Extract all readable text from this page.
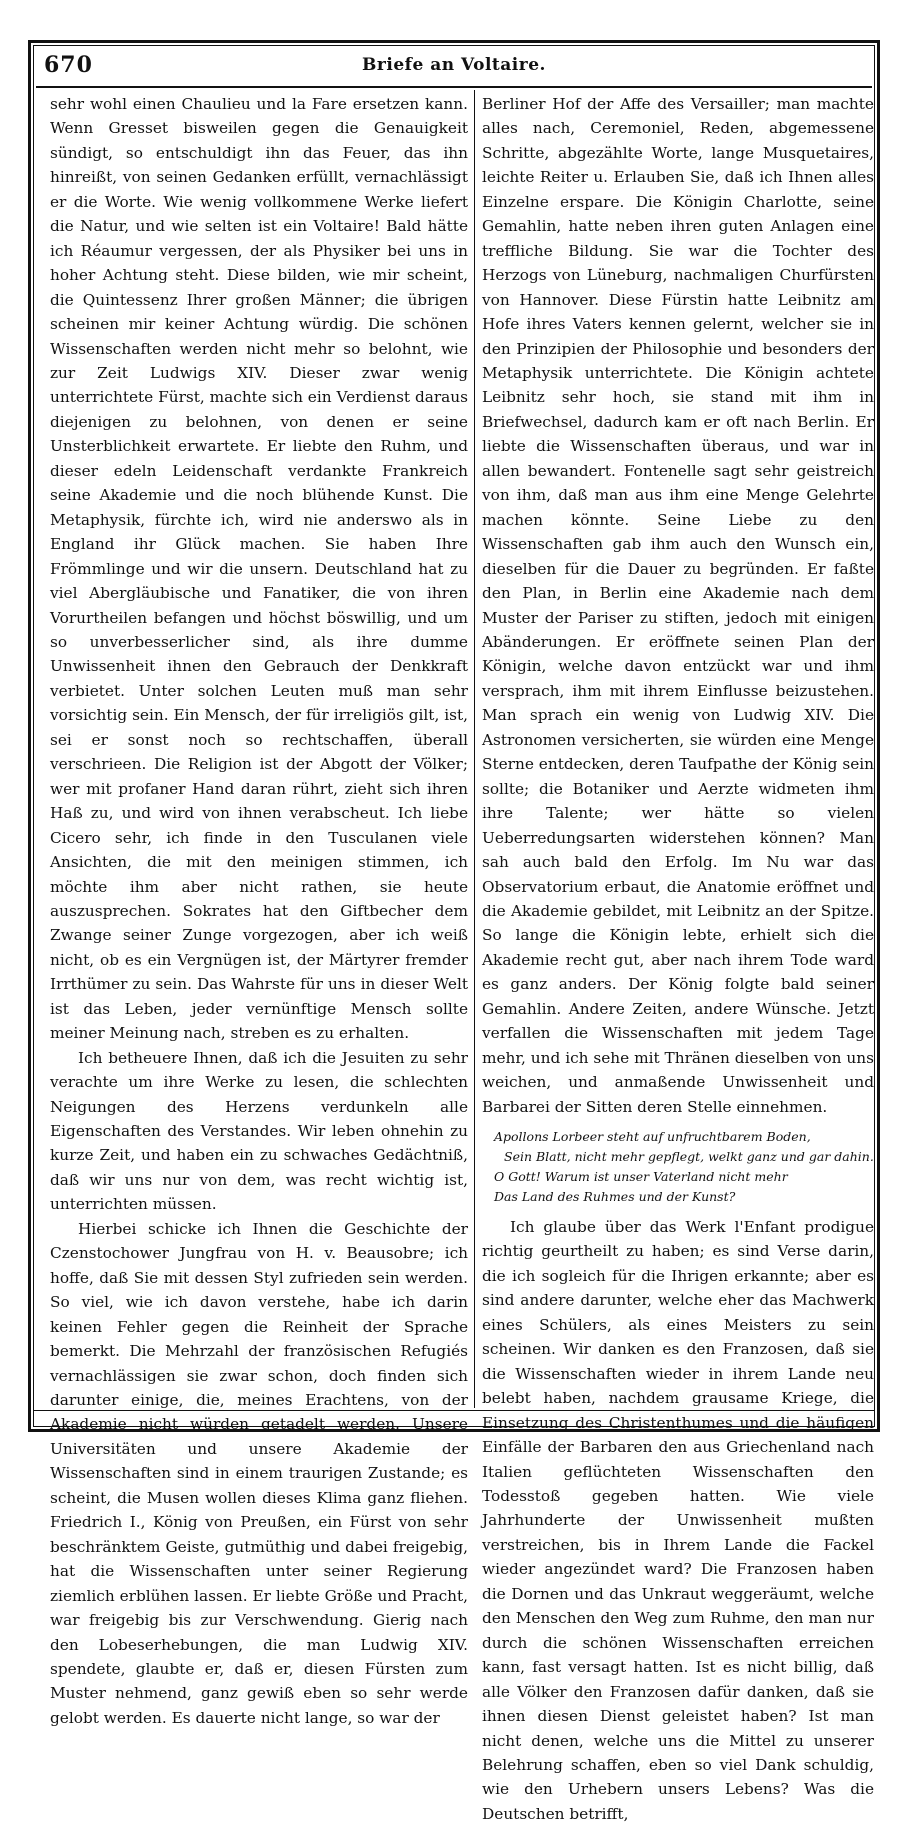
670	Briefe an Voltaire.

sehr wohl einen Chaulieu und la Fare ersetzen kann. Wenn Gresset bisweilen gegen die Genauigkeit sündigt, so entschuldigt ihn das Feuer, das ihn hinreißt, von seinen Gedanken erfüllt, vernachlässigt er die Worte. Wie wenig vollkommene Werke liefert die Natur, und wie selten ist ein Voltaire! Bald hätte ich Réaumur vergessen, der als Physiker bei uns in hoher Achtung steht. Diese bilden, wie mir scheint, die Quintessenz Ihrer großen Männer; die übrigen scheinen mir keiner Achtung würdig. Die schönen Wissenschaften werden nicht mehr so belohnt, wie zur Zeit Ludwigs XIV. Dieser zwar wenig unterrichtete Fürst, machte sich ein Verdienst daraus diejenigen zu belohnen, von denen er seine Unsterblichkeit erwartete. Er liebte den Ruhm, und dieser edeln Leidenschaft verdankte Frankreich seine Akademie und die noch blühende Kunst. Die Metaphysik, fürchte ich, wird nie anderswo als in England ihr Glück machen. Sie haben Ihre Frömmlinge und wir die unsern. Deutschland hat zu viel Abergläubische und Fanatiker, die von ihren Vorurtheilen befangen und höchst böswillig, und um so unverbesserlicher sind, als ihre dumme Unwissenheit ihnen den Gebrauch der Denkkraft verbietet. Unter solchen Leuten muß man sehr vorsichtig sein. Ein Mensch, der für irreligiös gilt, ist, sei er sonst noch so rechtschaffen, überall verschrieen. Die Religion ist der Abgott der Völker; wer mit profaner Hand daran rührt, zieht sich ihren Haß zu, und wird von ihnen verabscheut. Ich liebe Cicero sehr, ich finde in den Tusculanen viele Ansichten, die mit den meinigen stimmen, ich möchte ihm aber nicht rathen, sie heute auszusprechen. Sokrates hat den Giftbecher dem Zwange seiner Zunge vorgezogen, aber ich weiß nicht, ob es ein Vergnügen ist, der Märtyrer fremder Irrthümer zu sein. Das Wahrste für uns in dieser Welt ist das Leben, jeder vernünftige Mensch sollte meiner Meinung nach, streben es zu erhalten.

Ich betheuere Ihnen, daß ich die Jesuiten zu sehr verachte um ihre Werke zu lesen, die schlechten Neigungen des Herzens verdunkeln alle Eigenschaften des Verstandes. Wir leben ohnehin zu kurze Zeit, und haben ein zu schwaches Gedächtniß, daß wir uns nur von dem, was recht wichtig ist, unterrichten müssen.

Hierbei schicke ich Ihnen die Geschichte der Czenstochower Jungfrau von H. v. Beausobre; ich hoffe, daß Sie mit dessen Styl zufrieden sein werden. So viel, wie ich davon verstehe, habe ich darin keinen Fehler gegen die Reinheit der Sprache bemerkt. Die Mehrzahl der französischen Refugiés vernachlässigen sie zwar schon, doch finden sich darunter einige, die, meines Erachtens, von der Akademie nicht würden getadelt werden. Unsere Universitäten und unsere Akademie der Wissenschaften sind in einem traurigen Zustande; es scheint, die Musen wollen dieses Klima ganz fliehen. Friedrich I., König von Preußen, ein Fürst von sehr beschränktem Geiste, gutmüthig und dabei freigebig, hat die Wissenschaften unter seiner Regierung ziemlich erblühen lassen. Er liebte Größe und Pracht, war freigebig bis zur Verschwendung. Gierig nach den Lobeserhebungen, die man Ludwig XIV. spendete, glaubte er, daß er, diesen Fürsten zum Muster nehmend, ganz gewiß eben so sehr werde gelobt werden. Es dauerte nicht lange, so war der

Berliner Hof der Affe des Versailler; man machte alles nach, Ceremoniel, Reden, abgemessene Schritte, abgezählte Worte, lange Musquetaires, leichte Reiter u. Erlauben Sie, daß ich Ihnen alles Einzelne erspare. Die Königin Charlotte, seine Gemahlin, hatte neben ihren guten Anlagen eine treffliche Bildung. Sie war die Tochter des Herzogs von Lüneburg, nachmaligen Churfürsten von Hannover. Diese Fürstin hatte Leibnitz am Hofe ihres Vaters kennen gelernt, welcher sie in den Prinzipien der Philosophie und besonders der Metaphysik unterrichtete. Die Königin achtete Leibnitz sehr hoch, sie stand mit ihm in Briefwechsel, dadurch kam er oft nach Berlin. Er liebte die Wissenschaften überaus, und war in allen bewandert. Fontenelle sagt sehr geistreich von ihm, daß man aus ihm eine Menge Gelehrte machen könnte. Seine Liebe zu den Wissenschaften gab ihm auch den Wunsch ein, dieselben für die Dauer zu begründen. Er faßte den Plan, in Berlin eine Akademie nach dem Muster der Pariser zu stiften, jedoch mit einigen Abänderungen. Er eröffnete seinen Plan der Königin, welche davon entzückt war und ihm versprach, ihm mit ihrem Einflusse beizustehen. Man sprach ein wenig von Ludwig XIV. Die Astronomen versicherten, sie würden eine Menge Sterne entdecken, deren Taufpathe der König sein sollte; die Botaniker und Aerzte widmeten ihm ihre Talente; wer hätte so vielen Ueberredungsarten widerstehen können? Man sah auch bald den Erfolg. Im Nu war das Observatorium erbaut, die Anatomie eröffnet und die Akademie gebildet, mit Leibnitz an der Spitze. So lange die Königin lebte, erhielt sich die Akademie recht gut, aber nach ihrem Tode ward es ganz anders. Der König folgte bald seiner Gemahlin. Andere Zeiten, andere Wünsche. Jetzt verfallen die Wissenschaften mit jedem Tage mehr, und ich sehe mit Thränen dieselben von uns weichen, und anmaßende Unwissenheit und Barbarei der Sitten deren Stelle einnehmen.

Apollons Lorbeer steht auf unfruchtbarem Boden,
Sein Blatt, nicht mehr gepflegt, welkt ganz und gar dahin.
O Gott! Warum ist unser Vaterland nicht mehr
Das Land des Ruhmes und der Kunst?

Ich glaube über das Werk l'Enfant prodigue richtig geurtheilt zu haben; es sind Verse darin, die ich sogleich für die Ihrigen erkannte; aber es sind andere darunter, welche eher das Machwerk eines Schülers, als eines Meisters zu sein scheinen. Wir danken es den Franzosen, daß sie die Wissenschaften wieder in ihrem Lande neu belebt haben, nachdem grausame Kriege, die Einsetzung des Christenthumes und die häufigen Einfälle der Barbaren den aus Griechenland nach Italien geflüchteten Wissenschaften den Todesstoß gegeben hatten. Wie viele Jahrhunderte der Unwissenheit mußten verstreichen, bis in Ihrem Lande die Fackel wieder angezündet ward? Die Franzosen haben die Dornen und das Unkraut weggeräumt, welche den Menschen den Weg zum Ruhme, den man nur durch die schönen Wissenschaften erreichen kann, fast versagt hatten. Ist es nicht billig, daß alle Völker den Franzosen dafür danken, daß sie ihnen diesen Dienst geleistet haben? Ist man nicht denen, welche uns die Mittel zu unserer Belehrung schaffen, eben so viel Dank schuldig, wie den Urhebern unsers Lebens? Was die Deutschen betrifft,
